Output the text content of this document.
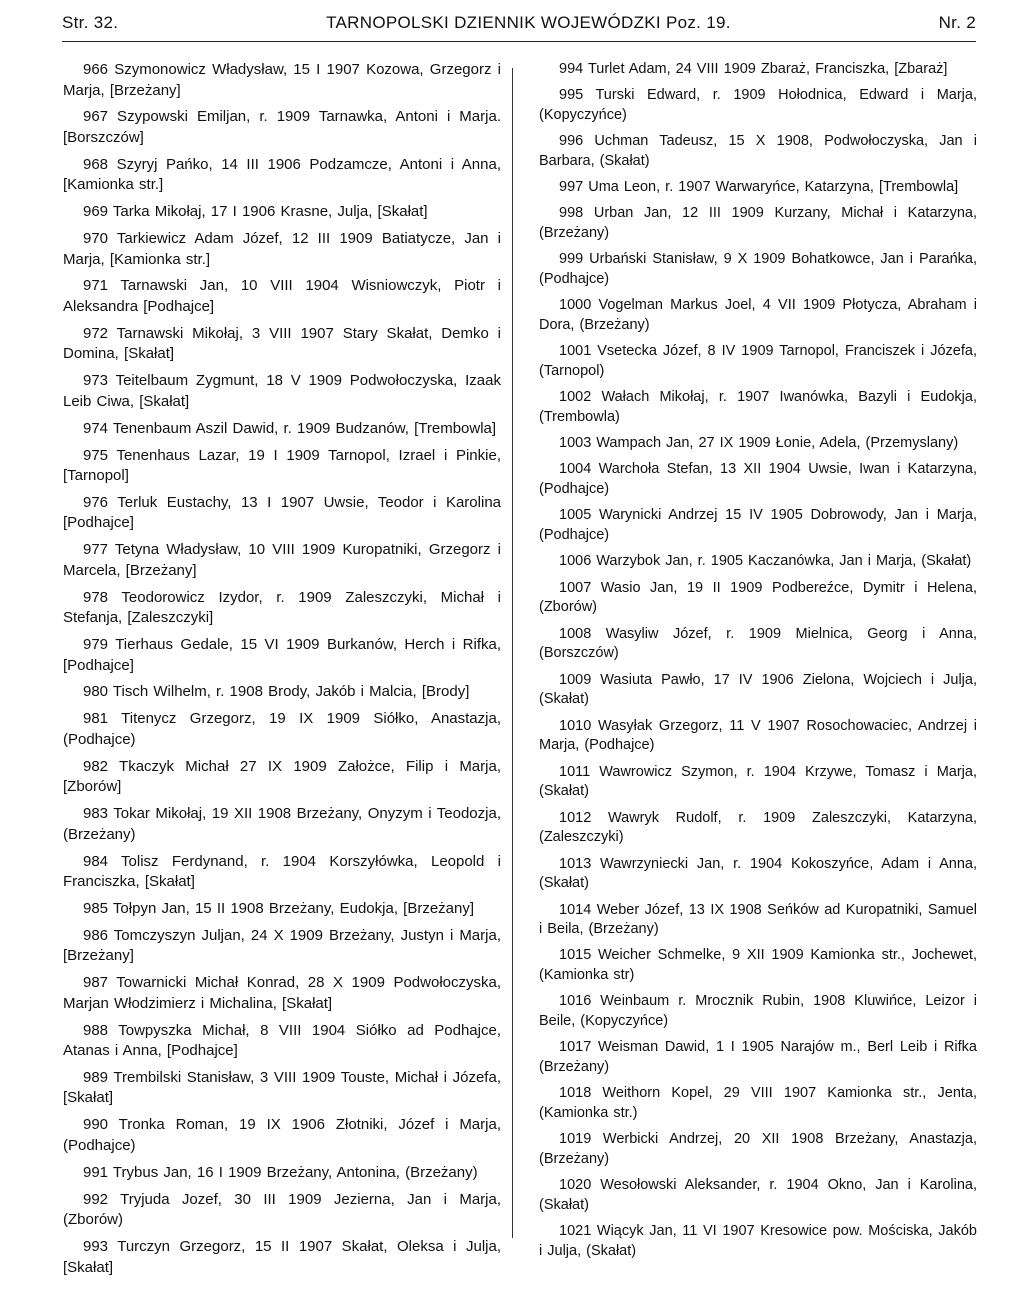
Str. 32.	TARNOPOLSKI DZIENNIK WOJEWÓDZKI Poz. 19.	Nr. 2

966 Szymonowicz Władysław, 15 I 1907 Kozowa, Grzegorz i Marja, [Brzeżany]

967 Szypowski Emiljan, r. 1909 Tarnawka, Antoni i Marja. [Borszczów]

968 Szyryj Pańko, 14 III 1906 Podzamcze, Antoni i Anna, [Kamionka str.]

969 Tarka Mikołaj, 17 I 1906 Krasne, Julja, [Skałat]

970 Tarkiewicz Adam Józef, 12 III 1909 Batiatycze, Jan i Marja, [Kamionka str.]

971 Tarnawski Jan, 10 VIII 1904 Wisniowczyk, Piotr i Aleksandra [Podhajce]

972 Tarnawski Mikołaj, 3 VIII 1907 Stary Skałat, Demko i Domina, [Skałat]

973 Teitelbaum Zygmunt, 18 V 1909 Podwołoczyska, Izaak Leib Ciwa, [Skałat]

974 Tenenbaum Aszil Dawid, r. 1909 Budzanów, [Trembowla]

975 Tenenhaus Lazar, 19 I 1909 Tarnopol, Izrael i Pinkie, [Tarnopol]

976 Terluk Eustachy, 13 I 1907 Uwsie, Teodor i Karolina [Podhajce]

977 Tetyna Władysław, 10 VIII 1909 Kuropatniki, Grzegorz i Marcela, [Brzeżany]

978 Teodorowicz Izydor, r. 1909 Zaleszczyki, Michał i Stefanja, [Zaleszczyki]

979 Tierhaus Gedale, 15 VI 1909 Burkanów, Herch i Rifka, [Podhajce]

980 Tisch Wilhelm, r. 1908 Brody, Jakób i Malcia, [Brody]

981 Titenycz Grzegorz, 19 IX 1909 Siółko, Anastazja, (Podhajce)

982 Tkaczyk Michał 27 IX 1909 Założce, Filip i Marja, [Zborów]

983 Tokar Mikołaj, 19 XII 1908 Brzeżany, Onyzym i Teodozja, (Brzeżany)

984 Tolisz Ferdynand, r. 1904 Korszyłówka, Leopold i Franciszka, [Skałat]

985 Tołpyn Jan, 15 II 1908 Brzeżany, Eudokja, [Brzeżany]

986 Tomczyszyn Juljan, 24 X 1909 Brzeżany, Justyn i Marja, [Brzeżany]

987 Towarnicki Michał Konrad, 28 X 1909 Podwołoczyska, Marjan Włodzimierz i Michalina, [Skałat]

988 Towpyszka Michał, 8 VIII 1904 Siółko ad Podhajce, Atanas i Anna, [Podhajce]

989 Trembilski Stanisław, 3 VIII 1909 Touste, Michał i Józefa, [Skałat]

990 Tronka Roman, 19 IX 1906 Złotniki, Józef i Marja, (Podhajce)

991 Trybus Jan, 16 I 1909 Brzeżany, Antonina, (Brzeżany)

992 Tryjuda Jozef, 30 III 1909 Jezierna, Jan i Marja, (Zborów)

993 Turczyn Grzegorz, 15 II 1907 Skałat, Oleksa i Julja, [Skałat]

994 Turlet Adam, 24 VIII 1909 Zbaraż, Franciszka, [Zbaraż]

995 Turski Edward, r. 1909 Hołodnica, Edward i Marja, (Kopyczyńce)

996 Uchman Tadeusz, 15 X 1908, Podwołoczyska, Jan i Barbara, (Skałat)

997 Uma Leon, r. 1907 Warwaryńce, Katarzyna, [Trembowla]

998 Urban Jan, 12 III 1909 Kurzany, Michał i Katarzyna, (Brzeżany)

999 Urbański Stanisław, 9 X 1909 Bohatkowce, Jan i Parańka, (Podhajce)

1000 Vogelman Markus Joel, 4 VII 1909 Płotycza, Abraham i Dora, (Brzeżany)

1001 Vsetecka Józef, 8 IV 1909 Tarnopol, Franciszek i Józefa, (Tarnopol)

1002 Wałach Mikołaj, r. 1907 Iwanówka, Bazyli i Eudokja, (Trembowla)

1003 Wampach Jan, 27 IX 1909 Łonie, Adela, (Przemyslany)

1004 Warchoła Stefan, 13 XII 1904 Uwsie, Iwan i Katarzyna, (Podhajce)

1005 Warynicki Andrzej 15 IV 1905 Dobrowody, Jan i Marja, (Podhajce)

1006 Warzybok Jan, r. 1905 Kaczanówka, Jan i Marja, (Skałat)

1007 Wasio Jan, 19 II 1909 Podbereźce, Dymitr i Helena, (Zborów)

1008 Wasyliw Józef, r. 1909 Mielnica, Georg i Anna, (Borszczów)

1009 Wasiuta Pawło, 17 IV 1906 Zielona, Wojciech i Julja, (Skałat)

1010 Wasyłak Grzegorz, 11 V 1907 Rosochowaciec, Andrzej i Marja, (Podhajce)

1011 Wawrowicz Szymon, r. 1904 Krzywe, Tomasz i Marja, (Skałat)

1012 Wawryk Rudolf, r. 1909 Zaleszczyki, Katarzyna, (Zaleszczyki)

1013 Wawrzyniecki Jan, r. 1904 Kokoszyńce, Adam i Anna, (Skałat)

1014 Weber Józef, 13 IX 1908 Seńków ad Kuropatniki, Samuel i Beila, (Brzeżany)

1015 Weicher Schmelke, 9 XII 1909 Kamionka str., Jochewet, (Kamionka str)

1016 Weinbaum r. Mrocznik Rubin, 1908 Kluwińce, Leizor i Beile, (Kopyczyńce)

1017 Weisman Dawid, 1 I 1905 Narajów m., Berl Leib i Rifka (Brzeżany)

1018 Weithorn Kopel, 29 VIII 1907 Kamionka str., Jenta, (Kamionka str.)

1019 Werbicki Andrzej, 20 XII 1908 Brzeżany, Anastazja, (Brzeżany)

1020 Wesołowski Aleksander, r. 1904 Okno, Jan i Karolina, (Skałat)

1021 Wiącyk Jan, 11 VI 1907 Kresowice pow. Mościska, Jakób i Julja, (Skałat)
